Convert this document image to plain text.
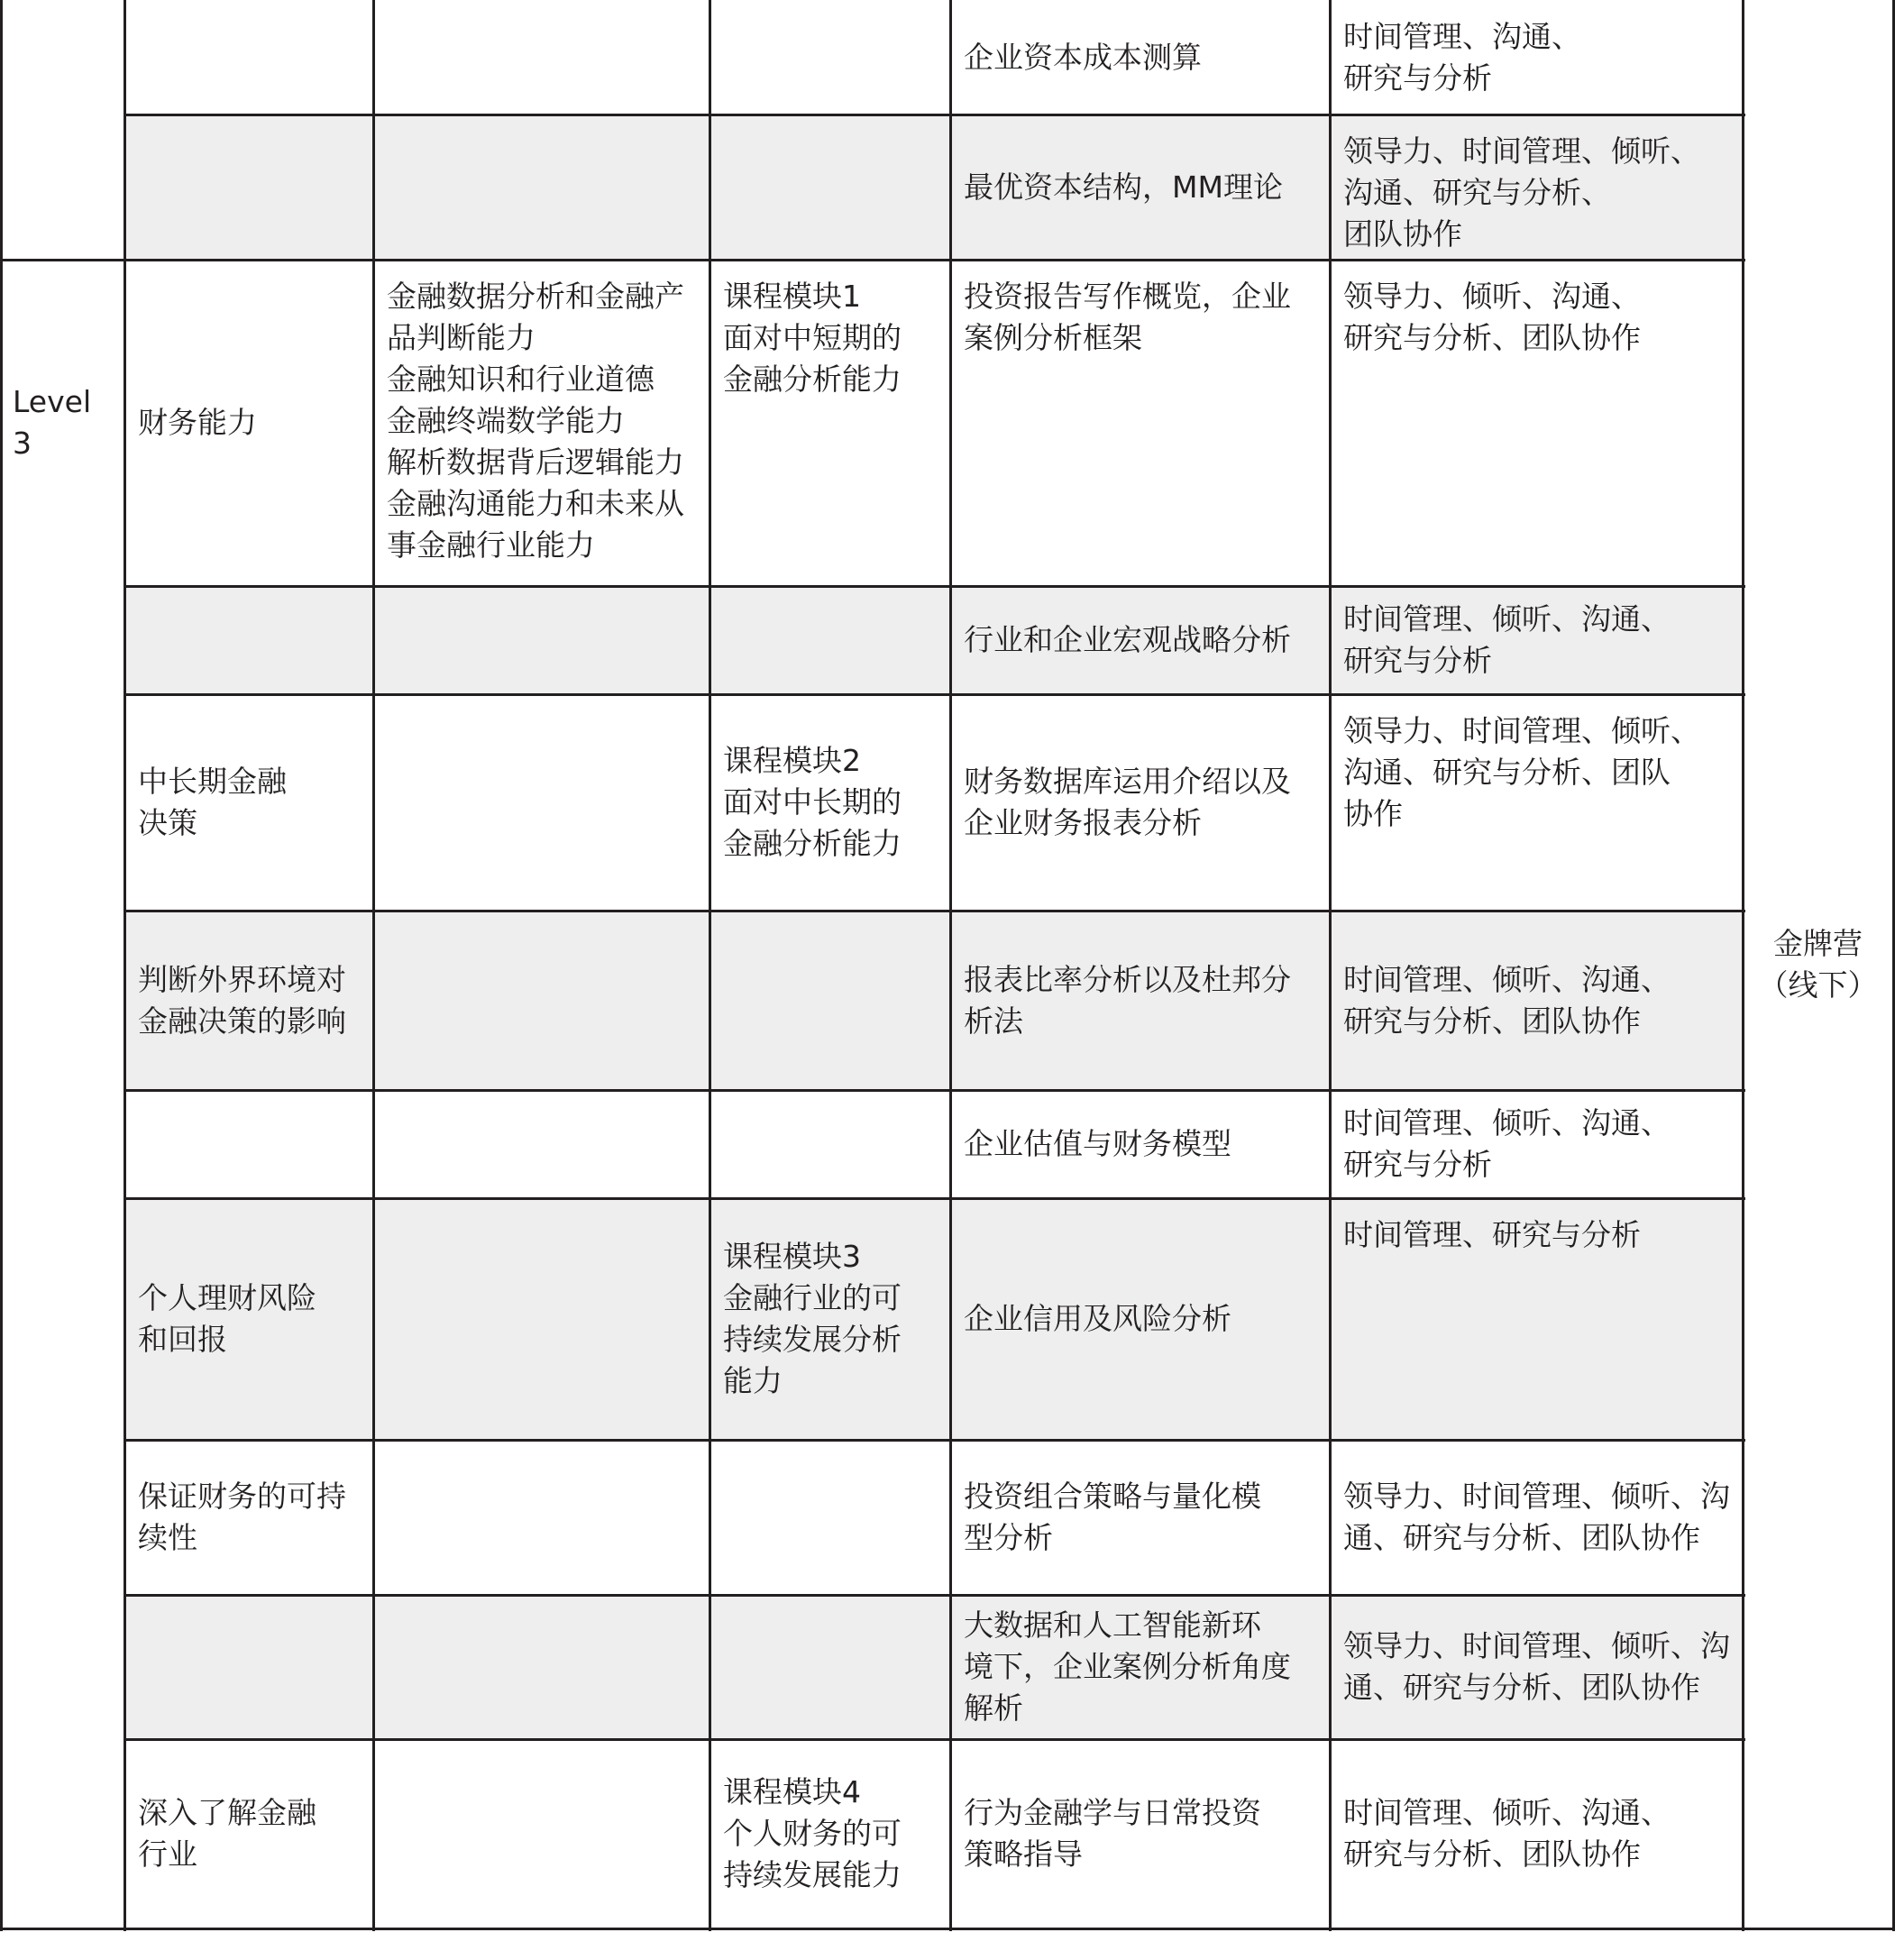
Level 3
金牌营
（线下）
企业资本成本测算
时间管理、沟通、
研究与分析
最优资本结构，MM理论
领导力、时间管理、倾听、
沟通、研究与分析、
团队协作
财务能力
金融数据分析和金融产
品判断能力
金融知识和行业道德
金融终端数学能力
解析数据背后逻辑能力
金融沟通能力和未来从
事金融行业能力
课程模块1
面对中短期的
金融分析能力
投资报告写作概览，企业
案例分析框架
领导力、倾听、沟通、
研究与分析、团队协作
行业和企业宏观战略分析
时间管理、倾听、沟通、
研究与分析
中长期金融
决策
课程模块2
面对中长期的
金融分析能力
财务数据库运用介绍以及
企业财务报表分析
领导力、时间管理、倾听、
沟通、研究与分析、团队
协作
判断外界环境对
金融决策的影响
报表比率分析以及杜邦分
析法
时间管理、倾听、沟通、
研究与分析、团队协作
企业估值与财务模型
时间管理、倾听、沟通、
研究与分析
个人理财风险
和回报
课程模块3
金融行业的可
持续发展分析
能力
企业信用及风险分析
时间管理、研究与分析
保证财务的可持
续性
投资组合策略与量化模
型分析
领导力、时间管理、倾听、沟
通、研究与分析、团队协作
大数据和人工智能新环
境下，企业案例分析角度
解析
领导力、时间管理、倾听、沟
通、研究与分析、团队协作
深入了解金融
行业
课程模块4
个人财务的可
持续发展能力
行为金融学与日常投资
策略指导
时间管理、倾听、沟通、
研究与分析、团队协作
